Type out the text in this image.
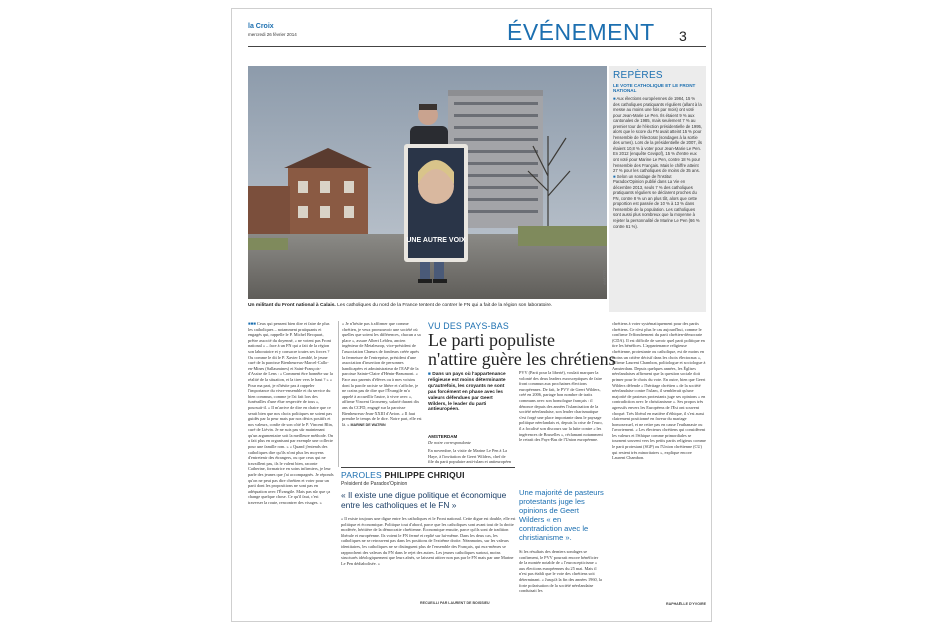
la Croix
mercredi 26 février 2014	ÉVÉNEMENT 3
UNE AUTRE VOIX
MAXPPP
Un militant du Front national à Calais. Les catholiques du nord de la France tentent de contrer le FN qui a fait de la région son laboratoire.
REPÈRES
LE VOTE CATHOLIQUE ET LE FRONT NATIONAL
■ Aux élections européennes de 1984, 15 % des catholiques pratiquants réguliers (allant à la messe au moins une fois par mois) ont voté pour Jean-Marie Le Pen. Ils étaient 9 % aux cantonales de 1985, mais seulement 7 % au premier tour de l'élection présidentielle de 1995, alors que le score du FN avait atteint 15 % pour l'ensemble de l'électorat (sondages à la sortie des urnes). Lors de la présidentielle de 2007, ils étaient 10,8 % à voter pour Jean-Marie Le Pen. En 2012 (enquête Cevipof), 15 % d'entre eux ont voté pour Marine Le Pen, contre 18 % pour l'ensemble des Français. Mais le chiffre atteint 27 % pour les catholiques de moins de 35 ans.
■ Selon un sondage de l'Institut Paradox'Opinion publié dans La Vie en décembre 2013, seuls 7 % des catholiques pratiquants réguliers se déclarent proches du FN, contre 8 % un an plus tôt, alors que cette proportion est passée de 10 % à 13 % dans l'ensemble de la population. Les catholiques sont aussi plus nombreux que la moyenne à rejeter la personnalité de Marine Le Pen (66 % contre 61 %).
■■■ Ceux qui pensent bien dire et faire de plus les catholiques – notamment pratiquants et engagés qui, rappelle le P. Michel Becquart, prêtre associé du doyenné, « ne votent pas Front national » – face à un FN qui a fait de la région son laboratoire et y consacre toutes ses forces ? Ou comme le dit le P. Xavier Lemblé, le jeune curé de la paroisse Bienheureux-Marcel-Callo-en-Mines (Sallaumines) et Saint-François-d'Assise de Lens : « Comment être honnête sur la réalité de la situation, et la tirer vers le haut ? » « Pour ma part, je n'hésite pas à rappeler l'importance du vivre-ensemble et du service du bien commun, comme je l'ai fait lors des funérailles d'une élue respectée de tous », poursuit-il. « Il m'arrive de dire en chaire que ce serait bien que nos choix politiques ne soient pas guidés par la peur mais par nos désirs positifs et nos valeurs, confie de son côté le P. Vincent Blin, curé de Liévin. Je ne suis pas sûr maintenant qu'un argumentaire soit la meilleure méthode. On a fait plus en organisant par exemple une collecte pour une famille rom. » « Quand j'entends des catholiques dire qu'ils n'ont plus les moyens d'entretenir des étrangers, ou que ceux qui ne travaillent pas, ils le valent bien, raconte Catherine, formatrice en soins infirmiers, je leur parle des jeunes que j'ai accompagnés. Je réponds qu'on ne peut pas dire chrétien et voter pour un parti dont les propositions ne sont pas en adéquation avec l'Évangile. Mais pas sûr que ça change quelque chose. Ce qu'il faut, c'est traverser la route, rencontrer des visages. »
« Je n'hésite pas à affirmer que comme chrétien, je veux promouvoir une société où quelles que soient les différences, chacun a sa place », assure Albert Lebleu, ancien ingénieur de Metaleurop, vice-président de l'association Chœurs de fondeurs créée après la fermeture de l'entreprise, président d'une association d'insertion de personnes handicapées et administrateur de l'EAP de la paroisse Sainte-Claire d'Hénin-Beaumont. « Face aux parents d'élèves ou à mes voisins dont la parole raciste se libère et s'affiche, je ne crains pas de dire que l'Évangile m'a appelé à accueillir l'autre, à vivre avec », affirme Vincent Grossemy, salarié durant dix ans du CCFD, engagé sur la paroisse Bienheureux-Jean-XXIII d'Avion. « Il faut prendre le temps de le dire. Notre part, elle est là. » MARINE DE WATRIN
PAROLES PHILIPPE CHRIQUI
Président de Paradox'Opinion
« Il existe une digue politique et économique entre les catholiques et le FN »
« Il existe toujours une digue entre les catholiques et le Front national. Cette digue est double, elle est politique et économique. Politique tout d'abord, parce que les catholiques sont avant tout de la droite modérée, héritière de la démocratie chrétienne. Économique ensuite, parce qu'ils sont de tradition libérale et européenne. Ils voient le FN fermé et replié sur lui-même. Dans les deux cas, les catholiques ne se retrouvent pas dans les positions de l'extrême droite. Néanmoins, sur les valeurs identitaires, les catholiques ne se distinguent plus de l'ensemble des Français, qui eux-mêmes se rapprochent des valeurs du FN dans le rejet des autres. Les jeunes catholiques surtout, moins structurés idéologiquement que leurs aînés, se laissent attirer non pas par le FN mais par une Marine Le Pen dédiabolisée. »
RECUEILLI PAR LAURENT DE BOISSIEU
VU DES PAYS-BAS
Le parti populiste
n'attire guère les chrétiens
■ Dans un pays où l'appartenance religieuse est moins déterminante qu'autrefois, les croyants ne sont pas forcément en phase avec les valeurs défendues par Geert Wilders, le leader du parti antieuropéen.
AMSTERDAM
De notre correspondante
En novembre, la visite de Marine Le Pen à La Haye, à l'invitation de Geert Wilders, chef de file du parti populaire anti-islam et antieuropéen
PVV (Parti pour la liberté), voulait marquer la volonté des deux leaders eurosceptiques de faire front commun aux prochaines élections européennes. De fait, le PVV de Geert Wilders, créé en 2006, partage bon nombre de traits communs avec son homologue français : il dénonce depuis des années l'islamisation de la société néerlandaise, son leader charismatique s'est forgé une place importante dans le paysage politique néerlandais et, depuis la crise de l'euro, il a focalisé son discours sur la lutte contre « les ingérences de Bruxelles », réclamant notamment le retrait des Pays-Bas de l'Union européenne.
Une majorité de pasteurs protestants juge les opinions de Geert Wilders « en contradiction avec le christianisme ».
Si les résultats des derniers sondages se confirment, le PVV pourrait encore bénéficier de la montée notable de « l'euroscepticisme » aux élections européennes du 25 mai. Mais il n'est pas établi que le vote des chrétiens soit déterminant. « Jusqu'à la fin des années 1960, la forte polarisation de la société néerlandaise conduisait les
chrétiens à voter systématiquement pour des partis chrétiens. Ce n'est plus le cas aujourd'hui, comme le confirme l'effondrement du parti chrétien-démocrate (CDA). Il est difficile de savoir quel parti politique en tire les bénéfices. L'appartenance religieuse chrétienne, protestante ou catholique, est de moins en moins un critère décisif dans les choix électoraux », affirme Laurent Chambon, politologue et sociologue à Amsterdam. Depuis quelques années, les Églises néerlandaises affirment que la question sociale doit primer pour le choix du vote. En outre, bien que Geert Wilders défende « l'héritage chrétien » de la société néerlandaise contre l'islam, il semblerait qu'une majorité de pasteurs protestants juge ses opinions « en contradiction avec le christianisme ». Ses propos très agressifs envers les Européens de l'Est ont souvent choqué. Très libéral en matière d'éthique, il s'est aussi clairement positionné en faveur du mariage homosexuel, et ne retire pas en cause l'euthanasie ou l'avortement. « Les électeurs chrétiens qui considèrent les valeurs et l'éthique comme primordiales se tournent souvent vers les petits partis religieux comme le parti protestant (SGP) ou l'Union chrétienne (CU) qui restent très minoritaires », explique encore Laurent Chambon.
RAPHAËLLE D'YVOIRE
